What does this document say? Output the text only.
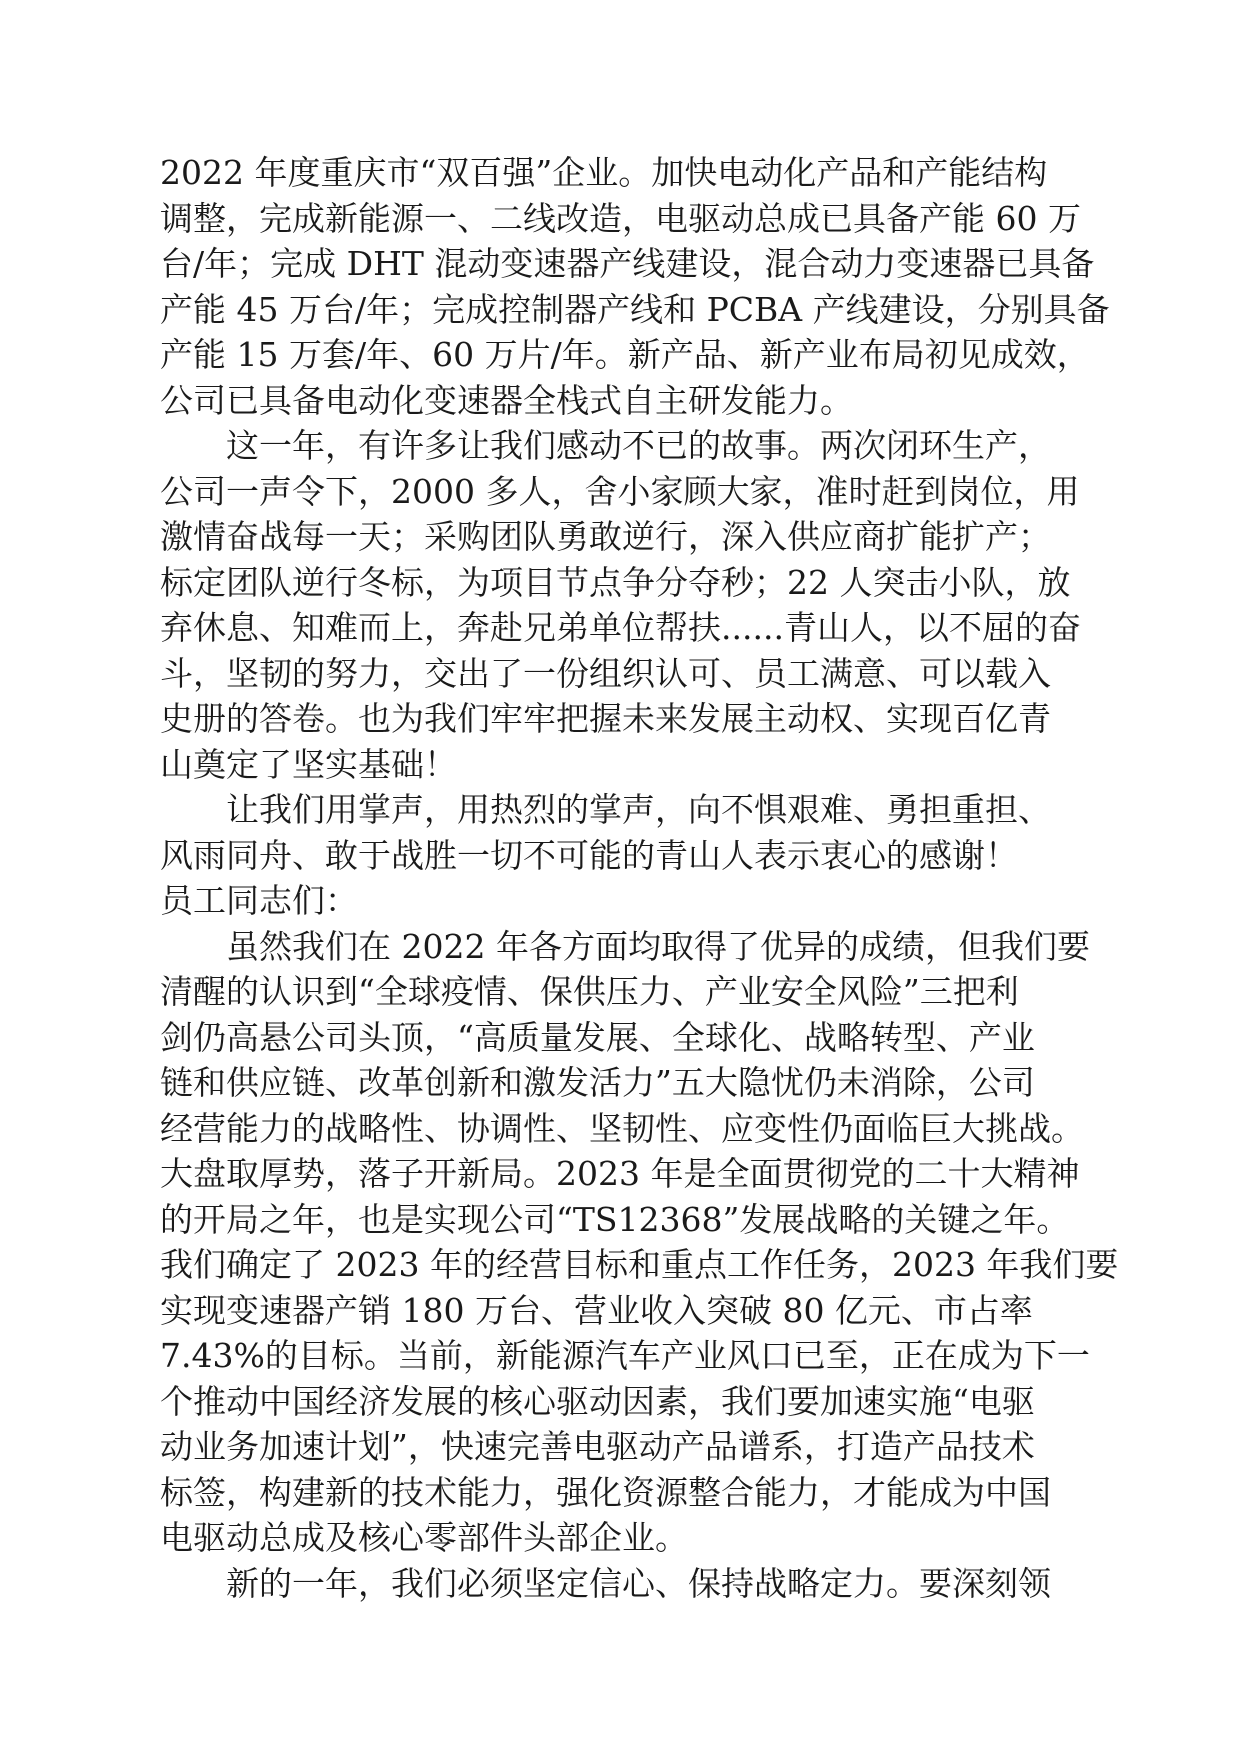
2022 年度重庆市“双百强”企业。加快电动化产品和产能结构
调整，完成新能源一、二线改造，电驱动总成已具备产能 60 万
台/年；完成 DHT 混动变速器产线建设，混合动力变速器已具备
产能 45 万台/年；完成控制器产线和 PCBA 产线建设，分别具备
产能 15 万套/年、60 万片/年。新产品、新产业布局初见成效，
公司已具备电动化变速器全栈式自主研发能力。
这一年，有许多让我们感动不已的故事。两次闭环生产，
公司一声令下，2000 多人，舍小家顾大家，准时赶到岗位，用
激情奋战每一天；采购团队勇敢逆行，深入供应商扩能扩产；
标定团队逆行冬标，为项目节点争分夺秒；22 人突击小队，放
弃休息、知难而上，奔赴兄弟单位帮扶......青山人，以不屈的奋
斗，坚韧的努力，交出了一份组织认可、员工满意、可以载入
史册的答卷。也为我们牢牢把握未来发展主动权、实现百亿青
山奠定了坚实基础！
让我们用掌声，用热烈的掌声，向不惧艰难、勇担重担、
风雨同舟、敢于战胜一切不可能的青山人表示衷心的感谢！
员工同志们：
虽然我们在 2022 年各方面均取得了优异的成绩，但我们要
清醒的认识到“全球疫情、保供压力、产业安全风险”三把利
剑仍高悬公司头顶，“高质量发展、全球化、战略转型、产业
链和供应链、改革创新和激发活力”五大隐忧仍未消除，公司
经营能力的战略性、协调性、坚韧性、应变性仍面临巨大挑战。
大盘取厚势，落子开新局。2023 年是全面贯彻党的二十大精神
的开局之年，也是实现公司“TS12368”发展战略的关键之年。
我们确定了 2023 年的经营目标和重点工作任务，2023 年我们要
实现变速器产销 180 万台、营业收入突破 80 亿元、市占率
7.43%的目标。当前，新能源汽车产业风口已至，正在成为下一
个推动中国经济发展的核心驱动因素，我们要加速实施“电驱
动业务加速计划”，快速完善电驱动产品谱系，打造产品技术
标签，构建新的技术能力，强化资源整合能力，才能成为中国
电驱动总成及核心零部件头部企业。
新的一年，我们必须坚定信心、保持战略定力。要深刻领
